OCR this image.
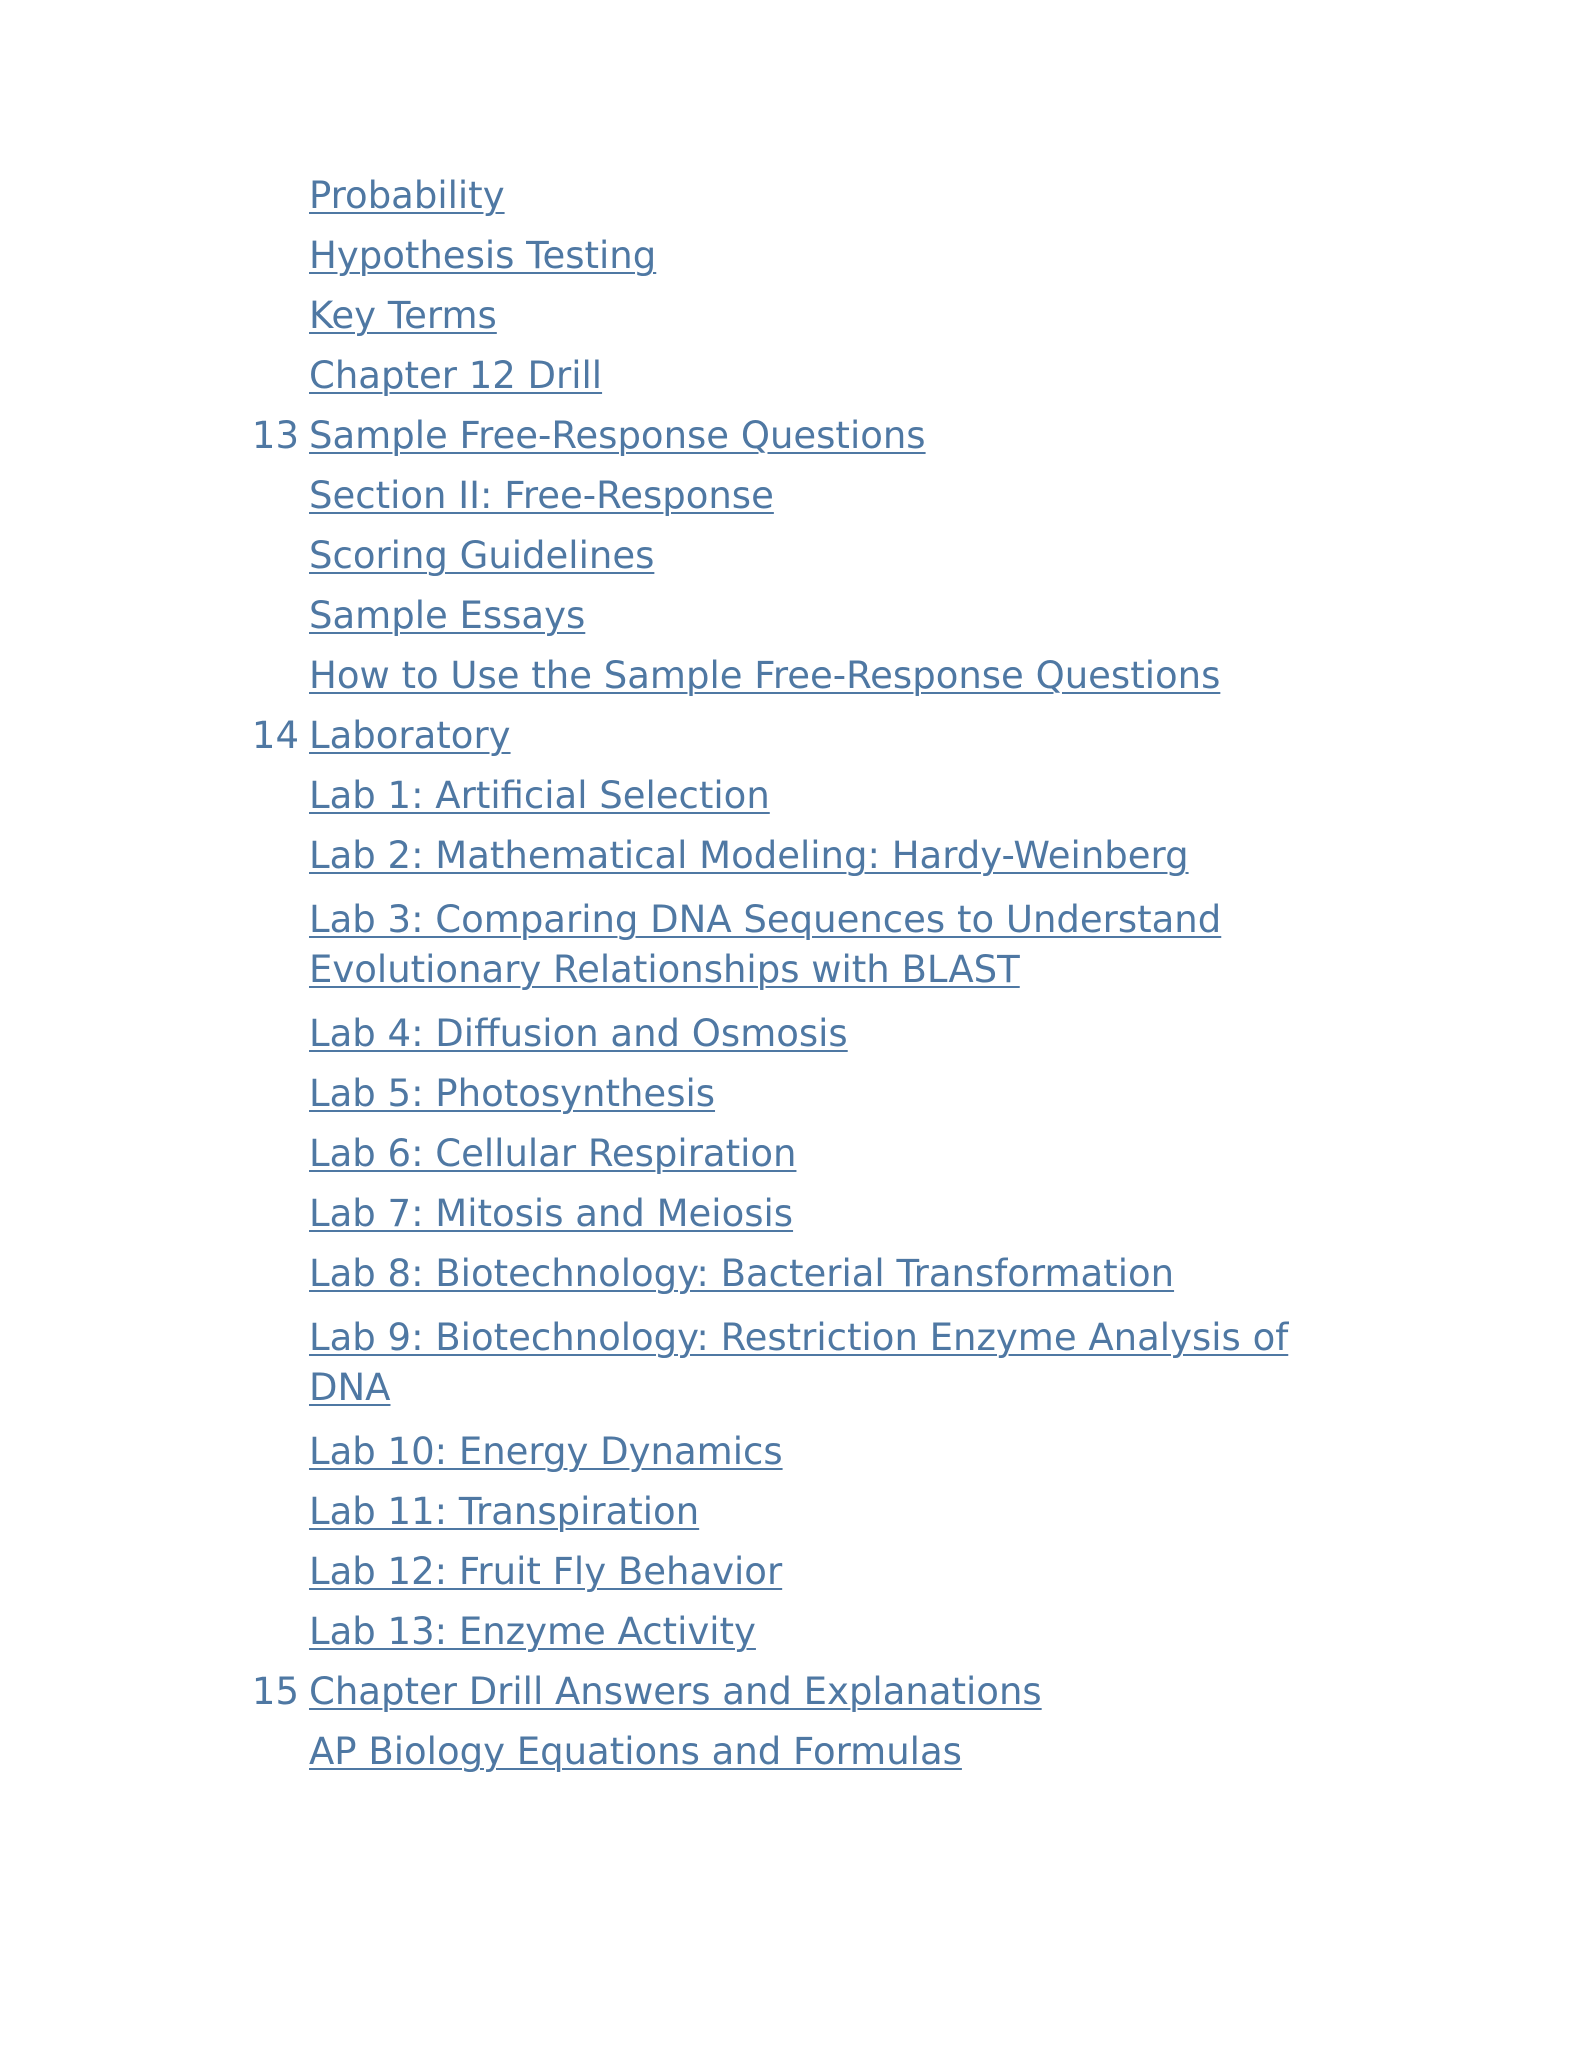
Probability
Hypothesis Testing
Key Terms
Chapter 12 Drill
13 Sample Free-Response Questions
Section II: Free-Response
Scoring Guidelines
Sample Essays
How to Use the Sample Free-Response Questions
14 Laboratory
Lab 1: Artificial Selection
Lab 2: Mathematical Modeling: Hardy-Weinberg
Lab 3: Comparing DNA Sequences to Understand Evolutionary Relationships with BLAST
Lab 4: Diffusion and Osmosis
Lab 5: Photosynthesis
Lab 6: Cellular Respiration
Lab 7: Mitosis and Meiosis
Lab 8: Biotechnology: Bacterial Transformation
Lab 9: Biotechnology: Restriction Enzyme Analysis of DNA
Lab 10: Energy Dynamics
Lab 11: Transpiration
Lab 12: Fruit Fly Behavior
Lab 13: Enzyme Activity
15 Chapter Drill Answers and Explanations
AP Biology Equations and Formulas
